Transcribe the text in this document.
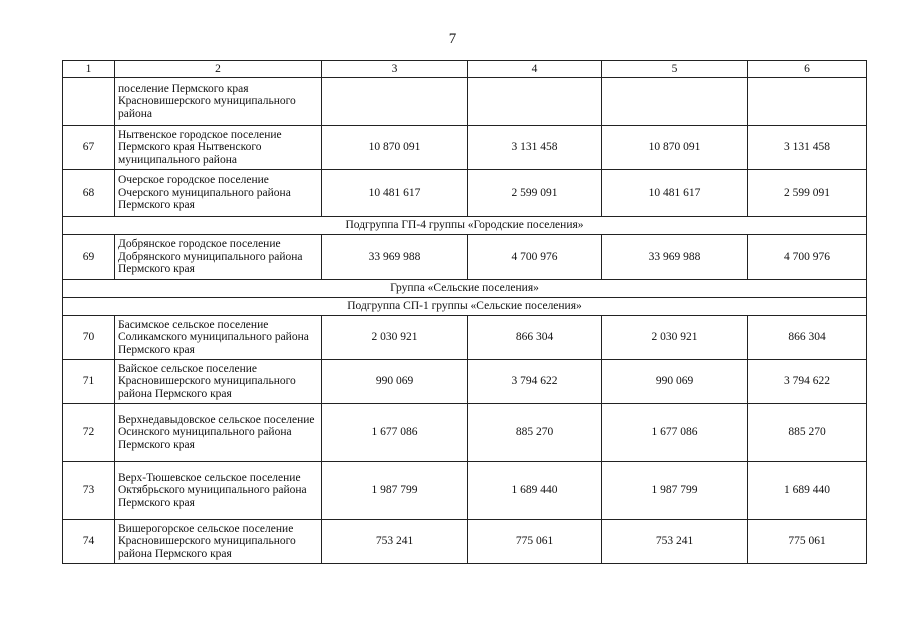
7
1	2	3	4	5	6
	поселение Пермского края Красновишерского муниципального района				
67	Нытвенское городское поселение Пермского края Нытвенского муниципального района	10 870 091	3 131 458	10 870 091	3 131 458
68	Очерское городское поселение Очерского муниципального района Пермского края	10 481 617	2 599 091	10 481 617	2 599 091
Подгруппа ГП-4 группы «Городские поселения»					
69	Добрянское городское поселение Добрянского муниципального района Пермского края	33 969 988	4 700 976	33 969 988	4 700 976
Группа «Сельские поселения»					
Подгруппа СП-1 группы «Сельские поселения»					
70	Басимское сельское поселение Соликамского муниципального района Пермского края	2 030 921	866 304	2 030 921	866 304
71	Вайское сельское поселение Красновишерского муниципального района Пермского края	990 069	3 794 622	990 069	3 794 622
72	Верхнедавыдовское сельское поселение Осинского муниципального района Пермского края	1 677 086	885 270	1 677 086	885 270
73	Верх-Тюшевское сельское поселение Октябрьского муниципального района Пермского края	1 987 799	1 689 440	1 987 799	1 689 440
74	Вишерогорское сельское поселение Красновишерского муниципального района Пермского края	753 241	775 061	753 241	775 061
